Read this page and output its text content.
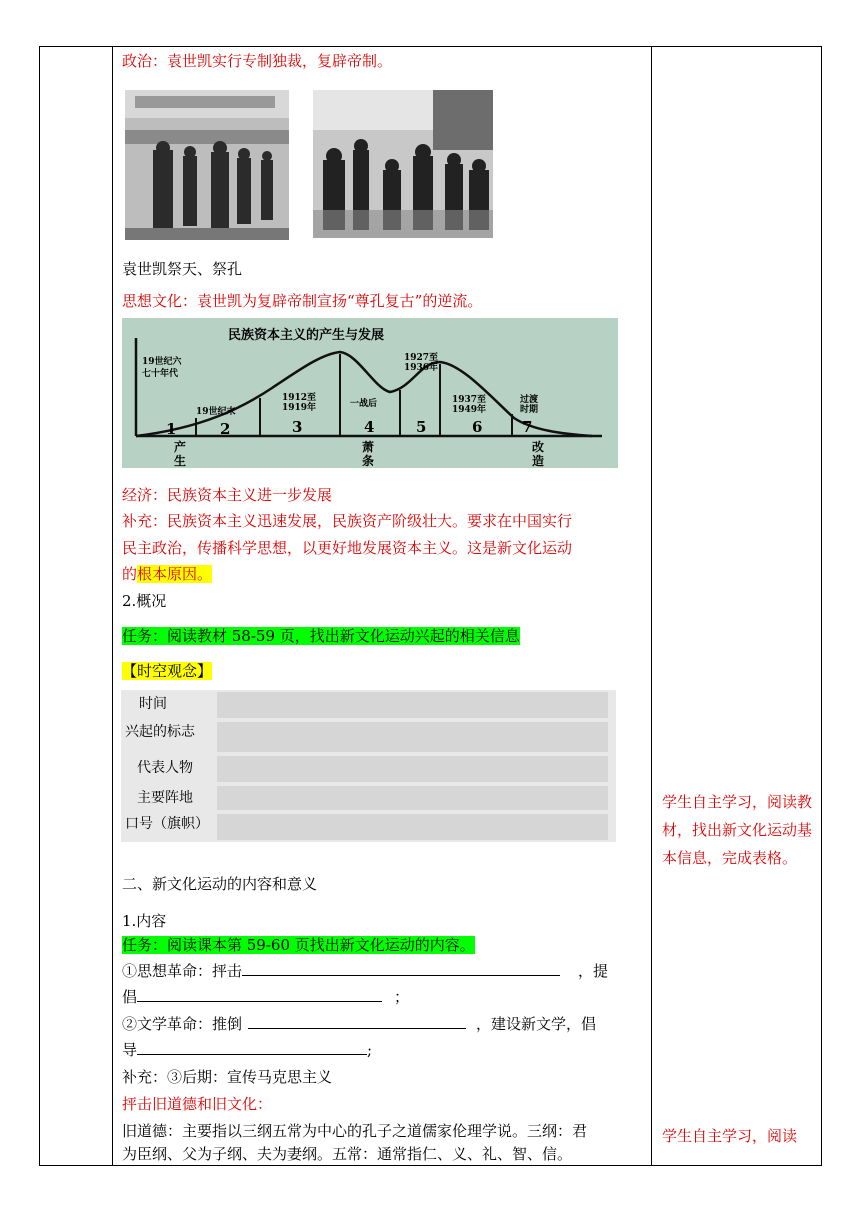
政治：袁世凯实行专制独裁，复辟帝制。
袁世凯祭天、祭孔
思想文化：袁世凯为复辟帝制宣扬“尊孔复古”的逆流。
民族资本主义的产生与发展
19世纪六
七十年代
19世纪末
1912至
1919年	一战后
1927至
1936年
1937至
1949年
过渡
时期
1	2	3	4	5	6	7
产
生
萧
条
改
造
经济：民族资本主义进一步发展
补充：民族资本主义迅速发展，民族资产阶级壮大。要求在中国实行
民主政治，传播科学思想，以更好地发展资本主义。这是新文化运动
的根本原因。
2.概况
任务：阅读教材 58-59 页，找出新文化运动兴起的相关信息
【时空观念】
时间
兴起的标志
代表人物
主要阵地
口号（旗帜）
二、新文化运动的内容和意义
1.内容
任务：阅读课本第 59-60 页找出新文化运动的内容。
①思想革命：抨击	，提
倡	；
②文学革命：推倒	，建设新文学，倡
导	;
补充：③后期：宣传马克思主义
抨击旧道德和旧文化：
旧道德：主要指以三纲五常为中心的孔子之道儒家伦理学说。三纲：君
为臣纲、父为子纲、夫为妻纲。五常：通常指仁、义、礼、智、信。
学生自主学习，阅读教材，找出新文化运动基本信息，完成表格。
学生自主学习，阅读
